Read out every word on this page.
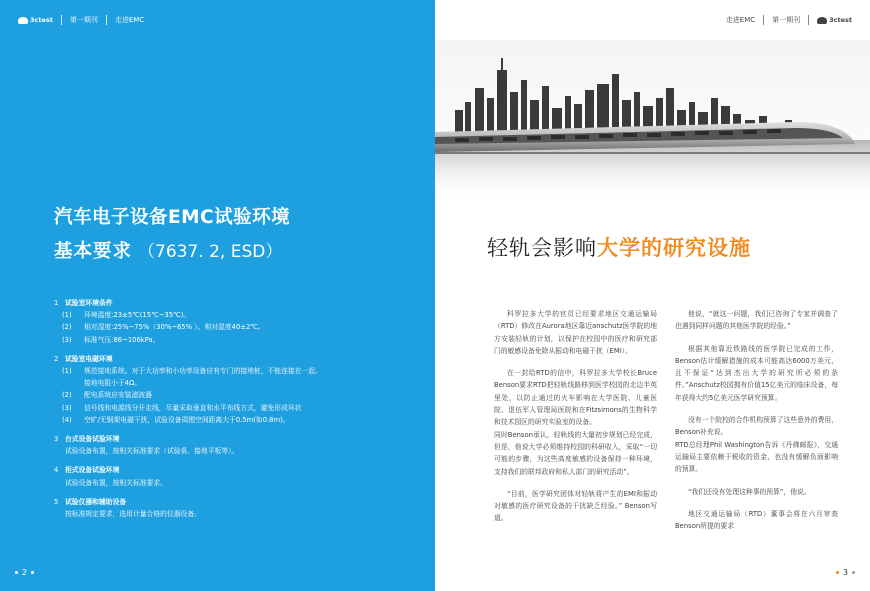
3ctest 第一期刊 走进EMC
汽车电子设备EMC试验环境
基本要求 （7637. 2, ESD）
1 试验室环境条件
(1)	环境温度:23±5℃(15℃~35℃)。
(2)	相对湿度:25%~75%（30%~65% ）。相对湿度40±2℃。
(3)	标准气压:86~106kPa。
2 试验室电磁环境
(1)	规范接地系统。对于大功率和小功率设备应有专门的接地桩，不能连接在一起。
接地电阻小于4Ω。
(2)	配电系统应安装滤波器
(3)	信号线和电源线分开走线，尽量采取垂直和水平布线方式，避免形成环状
(4)	空旷/无钢架电磁干扰，试验设备周围空间距离大于0.5m(如0.8m)。
3 台式设备试验环境
试验设备布置，按相关标准要求（试验桌、接地平板等）。
4 柜式设备试验环境
试验设备布置，按相关标准要求。
5 试验仪器和辅助设备
按标准规定要求，选用计量合格的仪器设备。
2
走进EMC 第一期刊	3ctest
轻轨会影响大学的研究设施

科罗拉多大学的官员已经要求地区交通运输局（RTD）修改在Aurora地区靠近anschutz医学院的地方安装轻轨的计划，以保护在校园中的医疗和研究部门的敏感设备免除从振动和电磁干扰（EMI）。

在一封给RTD的信中，科罗拉多大学校长Bruce Benson要求RTD把轻轨线路移到医学校园的北边半英里处，以防止通过的火车影响在大学医院、儿童医院、退伍军人管理局医院和在Fitzsimons的生物科学和技术园区的研究实验室的设备。

同时Benson承认，轻轨线的大量初步规划已经完成，但是，他说大学必须维持校园的科研收入，采取“一切可能的步骤，为这些高度敏感的设备保持一种环境，支持我们的联邦政府和私人部门的研究活动”。

“目前，医学研究团体对轻轨将产生的EMI和振动对敏感的医疗研究设备的干扰缺乏经验。” Benson写道。

他说，“就这一问题，我们已咨询了专家并调查了也遇到同样问题的其他医学院的经验。”

根据其他靠近铁路线的医学院已完成的工作，Benson估计缓解措施的成本可能高达6000万美元，且不保证“达到杰出大学的研究所必须的条件。”Anschutz校园拥有价值15亿美元的临床设备，每年获得大约5亿美元医学研究预算。

没有一个院校的合作机构预算了这些意外的费用，Benson补充说。

RTD总经理Phil Washington告诉《丹佛邮报》，交通运输局主要依赖于税收的资金，也没有缓解负面影响的预算。

“我们还没有处理这种事的预算”，他说。

地区交通运输局（RTD）董事会将在六月审查Benson所提的要求

3
